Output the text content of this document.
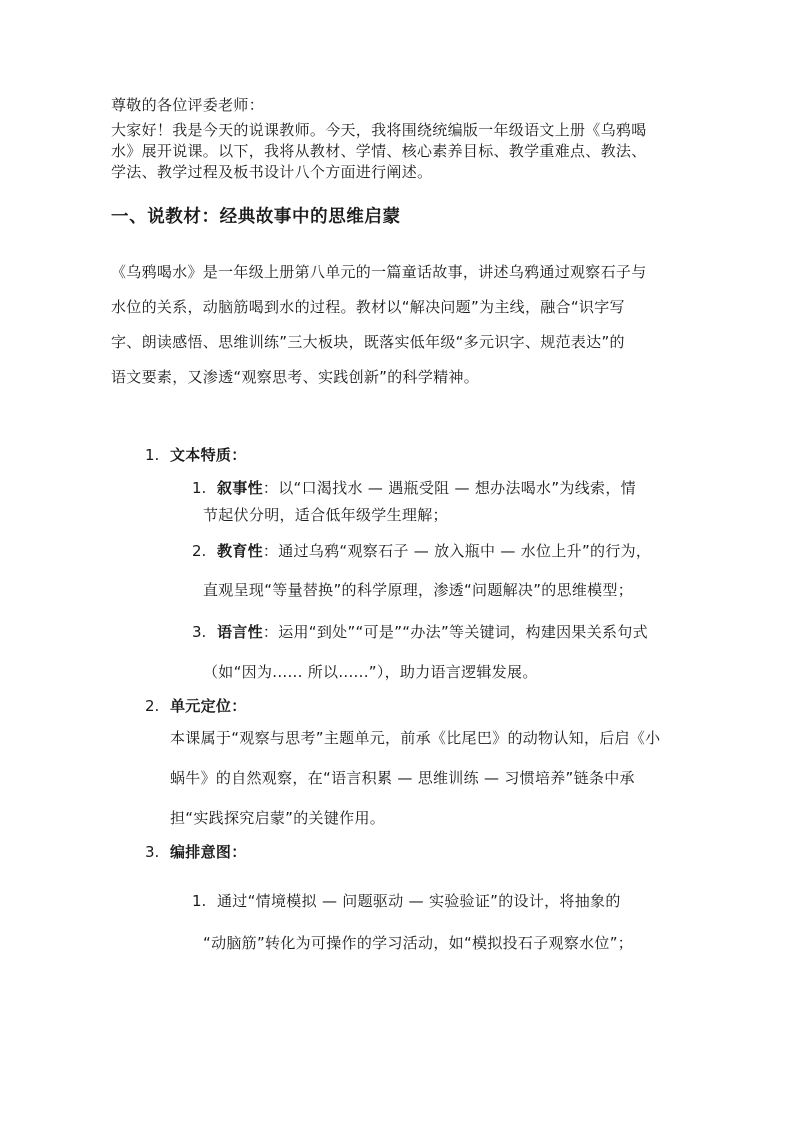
尊敬的各位评委老师：
大家好！我是今天的说课教师。今天，我将围绕统编版一年级语文上册《乌鸦喝
水》展开说课。以下，我将从教材、学情、核心素养目标、教学重难点、教法、
学法、教学过程及板书设计八个方面进行阐述。
一、说教材：经典故事中的思维启蒙
《乌鸦喝水》是一年级上册第八单元的一篇童话故事，讲述乌鸦通过观察石子与
水位的关系，动脑筋喝到水的过程。教材以“解决问题”为主线，融合“识字写
字、朗读感悟、思维训练”三大板块，既落实低年级“多元识字、规范表达”的
语文要素，又渗透“观察思考、实践创新”的科学精神。
1. 文本特质：
1. 叙事性：以“口渴找水 — 遇瓶受阻 — 想办法喝水”为线索，情
节起伏分明，适合低年级学生理解；
2. 教育性：通过乌鸦“观察石子 — 放入瓶中 — 水位上升”的行为，
直观呈现“等量替换”的科学原理，渗透“问题解决”的思维模型；
3. 语言性：运用“到处”“可是”“办法”等关键词，构建因果关系句式
（如“因为...... 所以......”），助力语言逻辑发展。
2. 单元定位：
本课属于“观察与思考”主题单元，前承《比尾巴》的动物认知，后启《小
蜗牛》的自然观察，在“语言积累 — 思维训练 — 习惯培养”链条中承
担“实践探究启蒙”的关键作用。
3. 编排意图：
1. 通过“情境模拟 — 问题驱动 — 实验验证”的设计，将抽象的
“动脑筋”转化为可操作的学习活动，如“模拟投石子观察水位”；
